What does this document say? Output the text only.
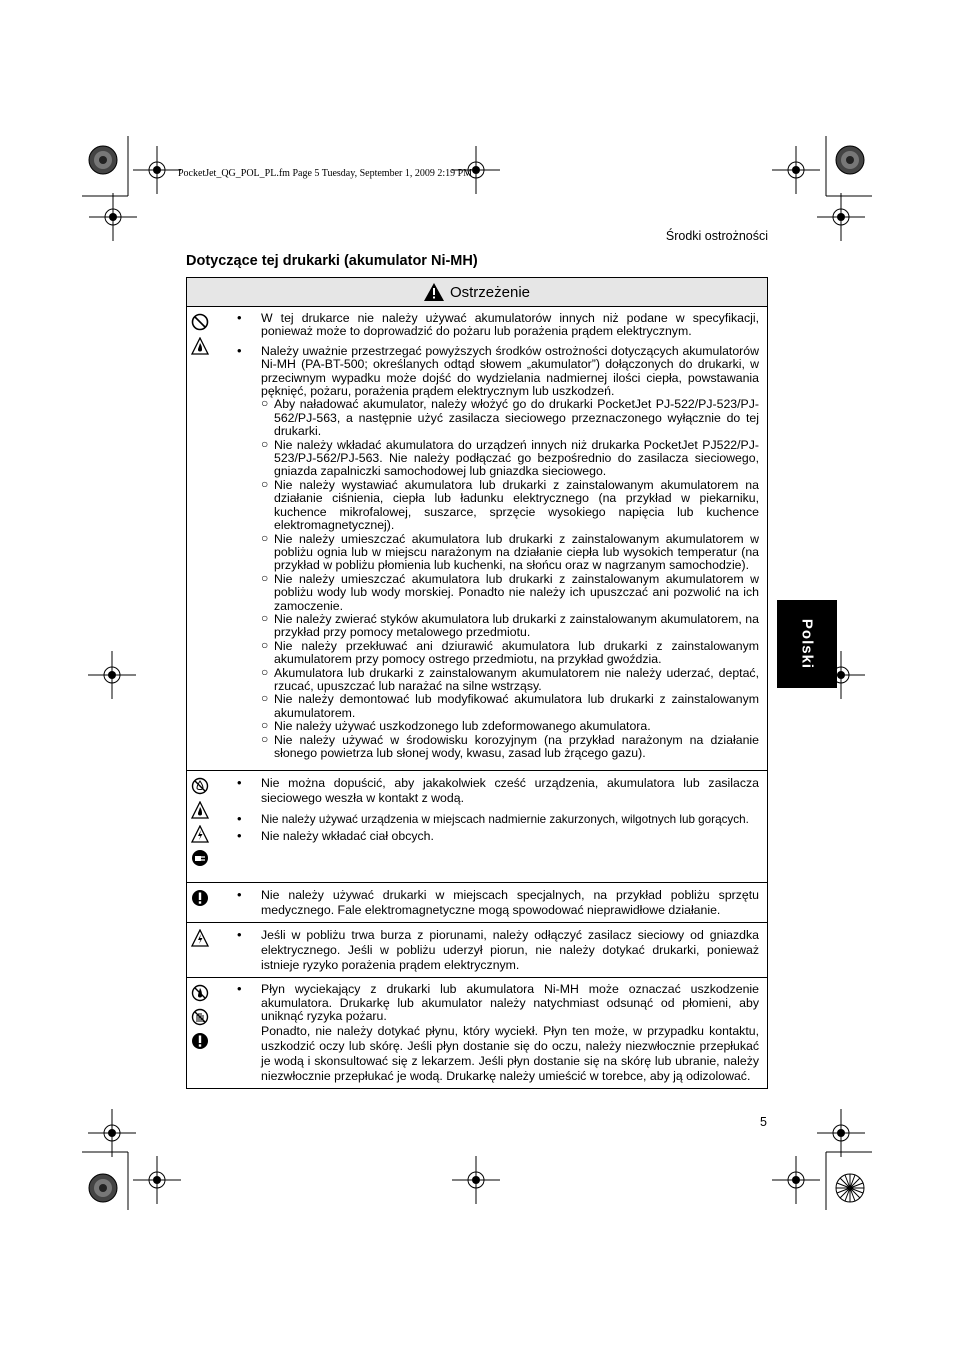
PocketJet_QG_POL_PL.fm Page 5 Tuesday, September 1, 2009 2:19 PM
Środki ostrożności
Dotyczące tej drukarki (akumulator Ni-MH)
Polski
Ostrzeżenie
• W tej drukarce nie należy używać akumulatorów innych niż podane w specyfikacji, ponieważ może to doprowadzić do pożaru lub porażenia prądem elektrycznym.
• Należy uważnie przestrzegać powyższych środków ostrożności dotyczących akumulatorów Ni-MH (PA-BT-500; określanych odtąd słowem „akumulator”) dołączonych do drukarki, w przeciwnym wypadku może dojść do wydzielania nadmiernej ilości ciepła, powstawania pęknięć, pożaru, porażenia prądem elektrycznym lub uszkodzeń.
○ Aby naładować akumulator, należy włożyć go do drukarki PocketJet PJ-522/PJ-523/PJ-562/PJ-563, a następnie użyć zasilacza sieciowego przeznaczonego wyłącznie do tej drukarki.
○ Nie należy wkładać akumulatora do urządzeń innych niż drukarka PocketJet PJ522/PJ-523/PJ-562/PJ-563. Nie należy podłączać go bezpośrednio do zasilacza sieciowego, gniazda zapalniczki samochodowej lub gniazdka sieciowego.
○ Nie należy wystawiać akumulatora lub drukarki z zainstalowanym akumulatorem na działanie ciśnienia, ciepła lub ładunku elektrycznego (na przykład w piekarniku, kuchence mikrofalowej, suszarce, sprzęcie wysokiego napięcia lub kuchence elektromagnetycznej).
○ Nie należy umieszczać akumulatora lub drukarki z zainstalowanym akumulatorem w pobliżu ognia lub w miejscu narażonym na działanie ciepła lub wysokich temperatur (na przykład w pobliżu płomienia lub kuchenki, na słońcu oraz w nagrzanym samochodzie).
○ Nie należy umieszczać akumulatora lub drukarki z zainstalowanym akumulatorem w pobliżu wody lub wody morskiej. Ponadto nie należy ich upuszczać ani pozwolić na ich zamoczenie.
○ Nie należy zwierać styków akumulatora lub drukarki z zainstalowanym akumulatorem, na przykład przy pomocy metalowego przedmiotu.
○ Nie należy przekłuwać ani dziurawić akumulatora lub drukarki z zainstalowanym akumulatorem przy pomocy ostrego przedmiotu, na przykład gwoździa.
○ Akumulatora lub drukarki z zainstalowanym akumulatorem nie należy uderzać, deptać, rzucać, upuszczać lub narażać na silne wstrząsy.
○ Nie należy demontować lub modyfikować akumulatora lub drukarki z zainstalowanym akumulatorem.
○ Nie należy używać uszkodzonego lub zdeformowanego akumulatora.
○ Nie należy używać w środowisku korozyjnym (na przykład narażonym na działanie słonego powietrza lub słonej wody, kwasu, zasad lub żrącego gazu).
• Nie można dopuścić, aby jakakolwiek cześć urządzenia, akumulatora lub zasilacza sieciowego weszła w kontakt z wodą.
• Nie należy używać urządzenia w miejscach nadmiernie zakurzonych, wilgotnych lub gorących.
• Nie należy wkładać ciał obcych.
• Nie należy używać drukarki w miejscach specjalnych, na przykład pobliżu sprzętu medycznego. Fale elektromagnetyczne mogą spowodować nieprawidłowe działanie.
• Jeśli w pobliżu trwa burza z piorunami, należy odłączyć zasilacz sieciowy od gniazdka elektrycznego. Jeśli w pobliżu uderzył piorun, nie należy dotykać drukarki, ponieważ istnieje ryzyko porażenia prądem elektrycznym.
• Płyn wyciekający z drukarki lub akumulatora Ni-MH może oznaczać uszkodzenie akumulatora. Drukarkę lub akumulator należy natychmiast odsunąć od płomieni, aby uniknąć ryzyka pożaru.
Ponadto, nie należy dotykać płynu, który wyciekł. Płyn ten może, w przypadku kontaktu, uszkodzić oczy lub skórę. Jeśli płyn dostanie się do oczu, należy niezwłocznie przepłukać je wodą i skonsultować się z lekarzem. Jeśli płyn dostanie się na skórę lub ubranie, należy niezwłocznie przepłukać je wodą. Drukarkę należy umieścić w torebce, aby ją odizolować.
5
